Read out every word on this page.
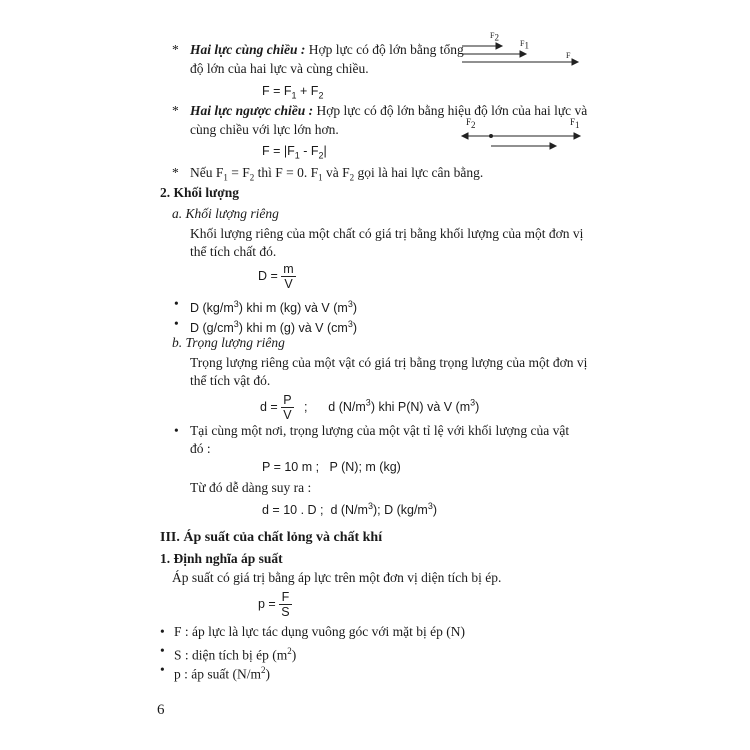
* Hai lực cùng chiều : Hợp lực có độ lớn bằng tổng
độ lớn của hai lực và cùng chiều.
$F = F_1 + F_2$
$F_2$
$F_1$
F
* Hai lực ngược chiều : Hợp lực có độ lớn bằng hiệu độ lớn của hai lực và
cùng chiều với lực lớn hơn.
$F = |F_1 - F_2|$
$F_2$	$F_1$
* Nếu $F_1 = F_2$ thì F = 0. $F_1$ và $F_2$ gọi là hai lực cân bằng.
2. Khối lượng
a. Khối lượng riêng
Khối lượng riêng của một chất có giá trị bằng khối lượng của một đơn vị
thể tích chất đó.
$D = \frac{m}{V}$
• D $(kg/m^3)$ khi m (kg) và V $(m^3)$
• D $(g/cm^3)$ khi m (g) và V $(cm^3)$
b. Trọng lượng riêng
Trọng lượng riêng của một vật có giá trị bằng trọng lượng của một đơn vị
thể tích vật đó.
$d = \frac{P}{V}$ ;      d $(N/m^3)$ khi P(N) và V $(m^3)$
• Tại cùng một nơi, trọng lượng của một vật tỉ lệ với khối lượng của vật
đó :
P = 10 m ;   P (N); m (kg)
Từ đó dễ dàng suy ra :
d = 10 . D ;  d $(N/m^3)$; D $(kg/m^3)$
III. Áp suất của chất lỏng và chất khí
1. Định nghĩa áp suất
Áp suất có giá trị bằng áp lực trên một đơn vị diện tích bị ép.
$p = \frac{F}{S}$
• F : áp lực là lực tác dụng vuông góc với mặt bị ép (N)
• S : diện tích bị ép $(m^2)$
• p : áp suất $(N/m^2)$
6
